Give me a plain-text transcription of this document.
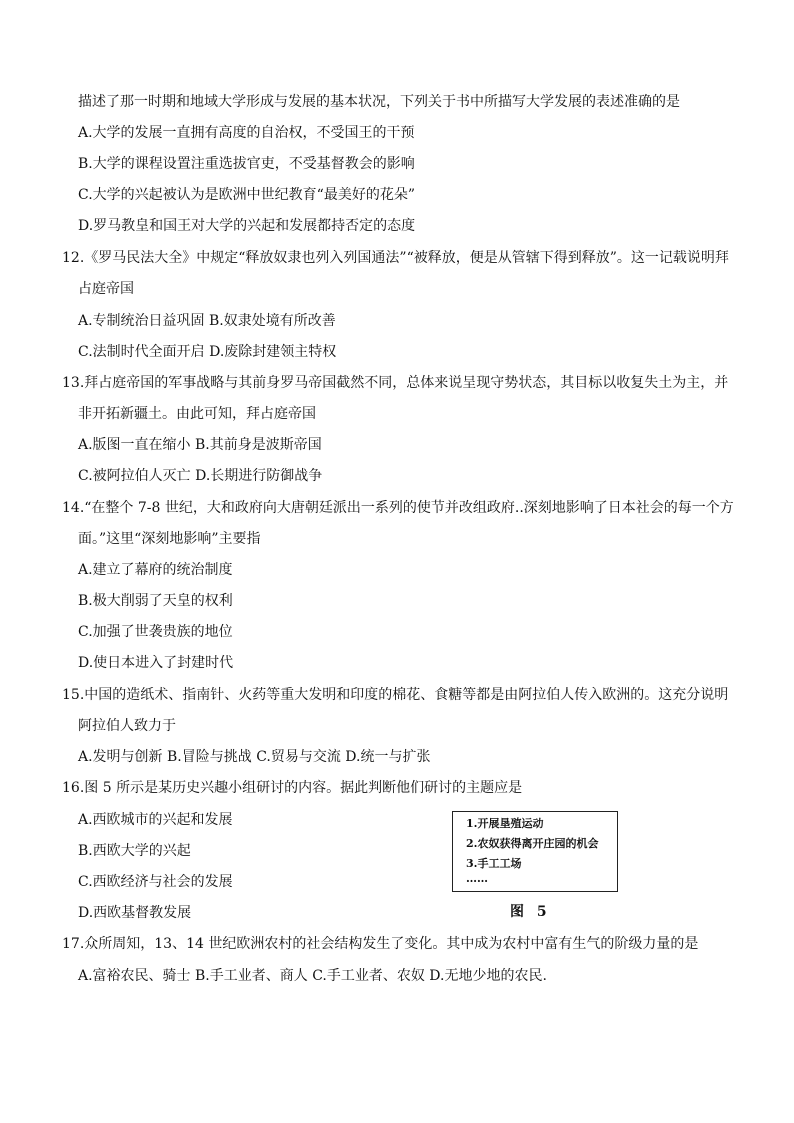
描述了那一时期和地域大学形成与发展的基本状况，下列关于书中所描写大学发展的表述准确的是
A.大学的发展一直拥有高度的自治权，不受国王的干预
B.大学的课程设置注重选拔官吏，不受基督教会的影响
C.大学的兴起被认为是欧洲中世纪教育“最美好的花朵”
D.罗马教皇和国王对大学的兴起和发展都持否定的态度
12.《罗马民法大全》中规定“释放奴隶也列入列国通法”“被释放，便是从管辖下得到释放”。这一记载说明拜
占庭帝国
A.专制统治日益巩固 B.奴隶处境有所改善
C.法制时代全面开启 D.废除封建领主特权
13.拜占庭帝国的军事战略与其前身罗马帝国截然不同，总体来说呈现守势状态，其目标以收复失土为主，并
非开拓新疆土。由此可知，拜占庭帝国
A.版图一直在缩小 B.其前身是波斯帝国
C.被阿拉伯人灭亡 D.长期进行防御战争
14.“在整个 7-8 世纪，大和政府向大唐朝廷派出一系列的使节并改组政府..深刻地影响了日本社会的每一个方
面。”这里“深刻地影响”主要指
A.建立了幕府的统治制度
B.极大削弱了天皇的权利
C.加强了世袭贵族的地位
D.使日本进入了封建时代
15.中国的造纸术、指南针、火药等重大发明和印度的棉花、食糖等都是由阿拉伯人传入欧洲的。这充分说明
阿拉伯人致力于
A.发明与创新 B.冒险与挑战 C.贸易与交流 D.统一与扩张
16.图 5 所示是某历史兴趣小组研讨的内容。据此判断他们研讨的主题应是
A.西欧城市的兴起和发展
B.西欧大学的兴起
C.西欧经济与社会的发展
D.西欧基督教发展
17.众所周知，13、14 世纪欧洲农村的社会结构发生了变化。其中成为农村中富有生气的阶级力量的是
A.富裕农民、骑士 B.手工业者、商人 C.手工业者、农奴 D.无地少地的农民.
1.开展垦殖运动
2.农奴获得离开庄园的机会
3.手工工场
……
图 5
